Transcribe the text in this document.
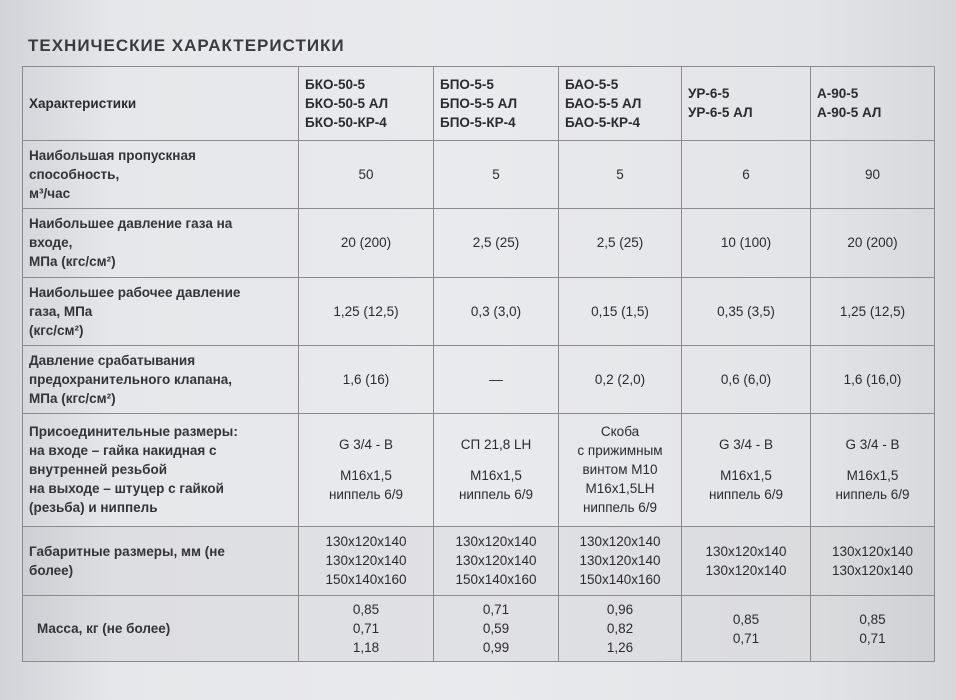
ТЕХНИЧЕСКИЕ ХАРАКТЕРИСТИКИ
Характеристики	БКО-50-5
БКО-50-5 АЛ
БКО-50-КР-4	БПО-5-5
БПО-5-5 АЛ
БПО-5-КР-4	БАО-5-5
БАО-5-5 АЛ
БАО-5-КР-4	УР-6-5
УР-6-5 АЛ	А-90-5
А-90-5 АЛ

Наибольшая пропускная
способность,
м³/час	50	5	5	6	90

Наибольшее давление газа на
входе,
МПа (кгс/см²)	20 (200)	2,5 (25)	2,5 (25)	10 (100)	20 (200)

Наибольшее рабочее давление
газа, МПа
(кгс/см²)	1,25 (12,5)	0,3 (3,0)	0,15 (1,5)	0,35 (3,5)	1,25 (12,5)

Давление срабатывания
предохранительного клапана,
МПа (кгс/см²)	1,6 (16)	—	0,2 (2,0)	0,6 (6,0)	1,6 (16,0)

Присоединительные размеры:
на входе – гайка накидная с
внутренней резьбой
на выходе – штуцер с гайкой
(резьба) и ниппель	G 3/4 - B
М16х1,5
ниппель 6/9	СП 21,8 LH
М16х1,5
ниппель 6/9	Скоба
с прижимным
винтом М10
М16х1,5LH
ниппель 6/9	G 3/4 - B
М16х1,5
ниппель 6/9	G 3/4 - B
М16х1,5
ниппель 6/9

Габаритные размеры, мм (не
более)	130х120х140
130х120х140
150х140х160	130х120х140
130х120х140
150х140х160	130х120х140
130х120х140
150х140х160	130х120х140
130х120х140	130х120х140
130х120х140

Масса, кг (не более)	0,85
0,71
1,18	0,71
0,59
0,99	0,96
0,82
1,26	0,85
0,71	0,85
0,71
